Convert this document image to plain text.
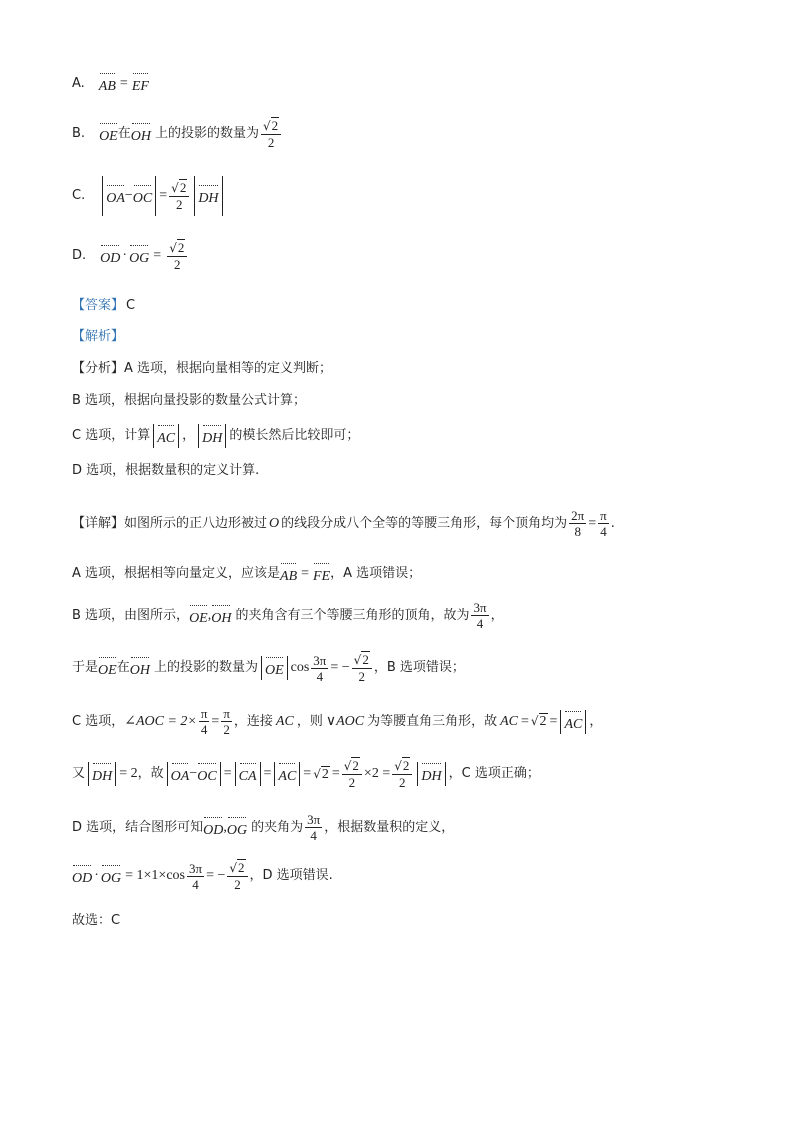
A. AB = EF
B. OE 在 OH 上的投影的数量为 $\frac{√2}{2}$
C. OA − OC = $\frac{√2}{2}$ DH
D. OD · OG = $\frac{√2}{2}$
【答案】 C
【解析】
【分析】 A 选项，根据向量相等的定义判断；
B 选项，根据向量投影的数量公式计算；
C 选项，计算 AC ， DH 的模长然后比较即可；
D 选项，根据数量积的定义计算.
【详解】 如图所示的正八边形被过 O 的线段分成八个全等的等腰三角形，每个顶角均为 $\frac{2\pi}{8} = \frac{\pi}{4}$ .
A 选项，根据相等向量定义，应该是 AB = FE ，A 选项错误；
B 选项，由图所示， OE , OH 的夹角含有三个等腰三角形的顶角，故为 $\frac{3\pi}{4}$ ，
于是 OE 在 OH 上的投影的数量为 OE $\cos \frac{3\pi}{4}$ = − $\frac{√2}{2}$ ，B 选项错误；
C 选项， ∠AOC = $2\times \frac{\pi}{4} = \frac{\pi}{2}$ ，连接 AC ，则 ∨AOC 为等腰直角三角形，故 AC = √2 = AC ，
又 DH = 2 ，故 OA − OC = CA = AC = $√2 = \frac{√2}{2} \times 2 = \frac{√2}{2}$ DH ，C 选项正确；
D 选项，结合图形可知 OD , OG 的夹角为 $\frac{3\pi}{4}$ ，根据数量积的定义，
OD · OG = $1\times 1\times\cos \frac{3\pi}{4}$ = − $\frac{√2}{2}$ ，D 选项错误.
故选：C
